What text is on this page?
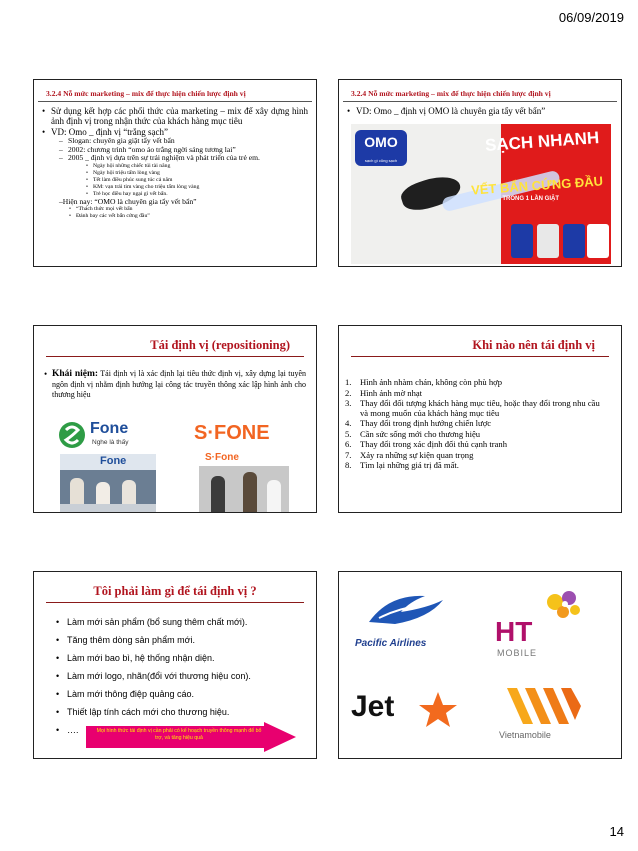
06/09/2019
3.2.4 Nỗ mức marketing – mix để thực hiện chiến lược định vị
• Sử dụng kết hợp các phối thức của marketing – mix để xây dựng hình ảnh định vị trong nhận thức của khách hàng mục tiêu
• VD: Omo _ định vị “trắng sạch”
– Slogan: chuyên gia giặt tẩy vết bẩn
– 2002: chương trình “omo áo trắng ngời sáng tương lai”
– 2005 _ định vị dựa trên sự trải nghiệm và phát triển của trẻ em.
• Ngày hội những chiếc túi tài năng
• Ngày hội triệu tấm lòng vàng
• Tết làm điều phúc sung túc cả năm
• KM: vạn trái tim vàng cho triệu tấm lòng vàng
• Trẻ học điều hay ngại gì vết bẩn.
–Hiện nay: “OMO là chuyên gia tẩy vết bẩn”
• “Thách thức mọi vết bẩn
• Đánh bay các vết bẩn cứng đầu”
3.2.4 Nỗ mức marketing – mix để thực hiện chiến lược định vị
• VD: Omo _ định vị OMO là chuyên gia tẩy vết bẩn”
OMO
sạch gì cũng sạch
SẠCH NHANH
VẾT BẨN CỨNG ĐẦU
TRONG 1 LẦN GIẶT
Tái định vị (repositioning)
• Khái niệm: Tái định vị là xác định lại tiêu thức định vị, xây dựng lại tuyên ngôn định vị nhằm định hướng lại công tác truyền thông xác lập hình ảnh cho thương hiệu
Fone
Nghe là thấy	S·FONE
Fone	S·Fone
Khi nào nên tái định vị
1. Hình ảnh nhàm chán, không còn phù hợp
2. Hình ảnh mờ nhạt
3. Thay đổi đối tượng khách hàng mục tiêu, hoặc thay đổi trong nhu cầu và mong muốn của khách hàng mục tiêu
4. Thay đổi trong định hướng chiến lược
5. Cần sức sống mới cho thương hiệu
6. Thay đổi trong xác định đối thủ cạnh tranh
7. Xảy ra những sự kiện quan trọng
8. Tìm lại những giá trị đã mất.
Tôi phải làm gì để tái định vị ?
• Làm mới sản phẩm (bổ sung thêm chất mới).
• Tăng thêm dòng sản phẩm mới.
• Làm mới bao bì, hệ thống nhận diện.
• Làm mới logo, nhãn(đổi với thương hiệu con).
• Làm mới thông điệp quảng cáo.
• Thiết lập tính cách mới cho thương hiệu.
• ….	Mọi hình thức tái định vị cần phải có kế hoạch truyền thông mạnh để bổ trợ, và tăng hiệu quả
Pacific Airlines HT
MOBILE
Jet
Vietnamobile
14
